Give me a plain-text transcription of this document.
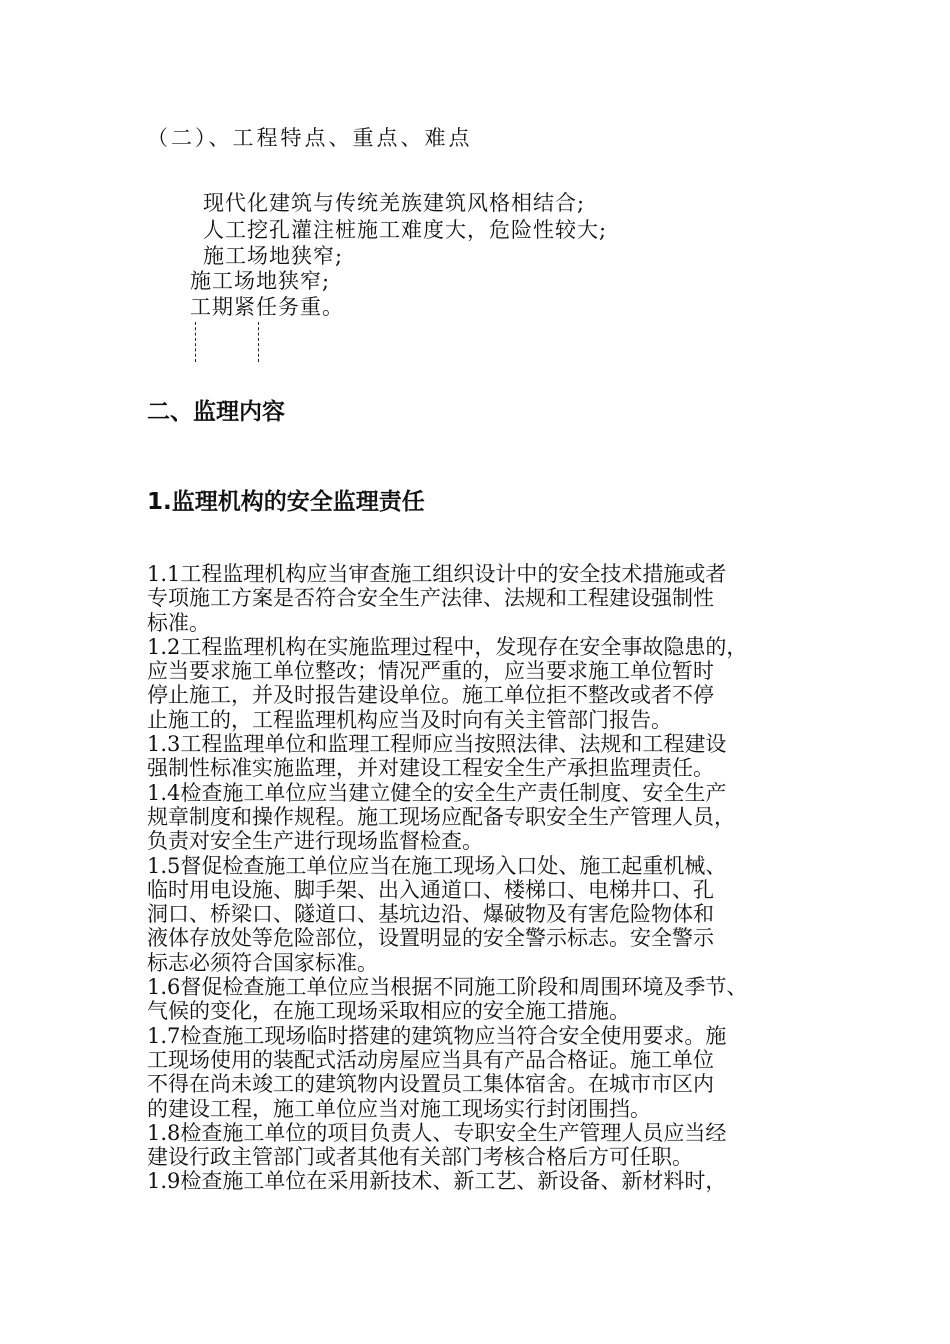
（二）、工程特点、重点、难点
现代化建筑与传统羌族建筑风格相结合;
人工挖孔灌注桩施工难度大，危险性较大;
施工场地狭窄;
施工场地狭窄;
工期紧任务重。
二、监理内容
1.监理机构的安全监理责任
1.1工程监理机构应当审查施工组织设计中的安全技术措施或者
专项施工方案是否符合安全生产法律、法规和工程建设强制性
标准。
1.2工程监理机构在实施监理过程中，发现存在安全事故隐患的，
应当要求施工单位整改；情况严重的，应当要求施工单位暂时
停止施工，并及时报告建设单位。施工单位拒不整改或者不停
止施工的，工程监理机构应当及时向有关主管部门报告。
1.3工程监理单位和监理工程师应当按照法律、法规和工程建设
强制性标准实施监理，并对建设工程安全生产承担监理责任。
1.4检查施工单位应当建立健全的安全生产责任制度、安全生产
规章制度和操作规程。施工现场应配备专职安全生产管理人员，
负责对安全生产进行现场监督检查。
1.5督促检查施工单位应当在施工现场入口处、施工起重机械、
临时用电设施、脚手架、出入通道口、楼梯口、电梯井口、孔
洞口、桥梁口、隧道口、基坑边沿、爆破物及有害危险物体和
液体存放处等危险部位，设置明显的安全警示标志。安全警示
标志必须符合国家标准。
1.6督促检查施工单位应当根据不同施工阶段和周围环境及季节、
气候的变化，在施工现场采取相应的安全施工措施。
1.7检查施工现场临时搭建的建筑物应当符合安全使用要求。施
工现场使用的装配式活动房屋应当具有产品合格证。施工单位
不得在尚未竣工的建筑物内设置员工集体宿舍。在城市市区内
的建设工程，施工单位应当对施工现场实行封闭围挡。
1.8检查施工单位的项目负责人、专职安全生产管理人员应当经
建设行政主管部门或者其他有关部门考核合格后方可任职。
1.9检查施工单位在采用新技术、新工艺、新设备、新材料时，
